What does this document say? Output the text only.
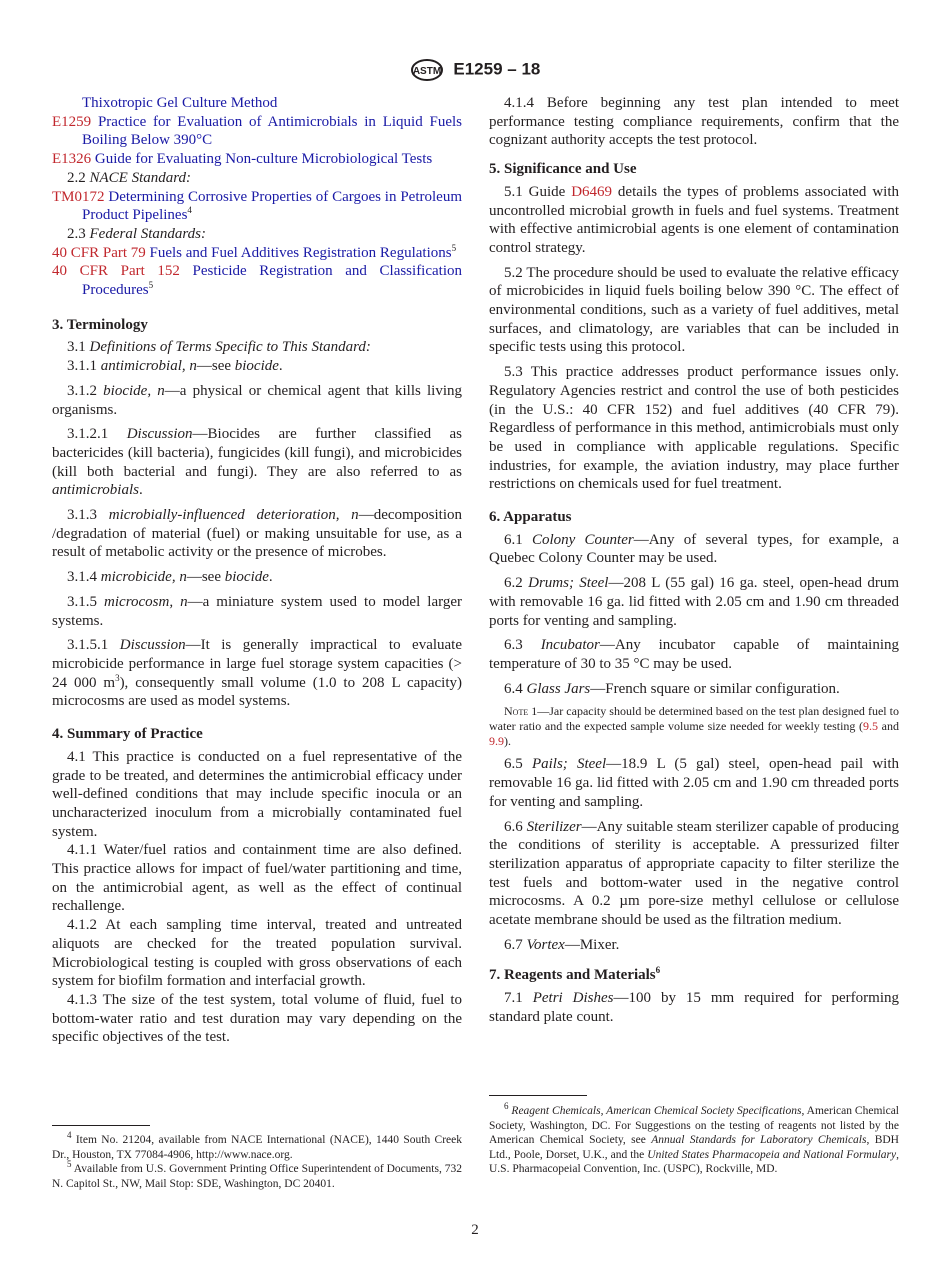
ASTM E1259 – 18

Thixotropic Gel Culture Method

E1259 Practice for Evaluation of Antimicrobials in Liquid Fuels Boiling Below 390°C

E1326 Guide for Evaluating Non-culture Microbiological Tests

2.2 NACE Standard:

TM0172 Determining Corrosive Properties of Cargoes in Petroleum Product Pipelines$^4$

2.3 Federal Standards:

40 CFR Part 79 Fuels and Fuel Additives Registration Regulations$^5$

40 CFR Part 152 Pesticide Registration and Classification Procedures$^5$

3. Terminology

3.1 Definitions of Terms Specific to This Standard:

3.1.1 antimicrobial, n—see biocide.

3.1.2 biocide, n—a physical or chemical agent that kills living organisms.

3.1.2.1 Discussion—Biocides are further classified as bactericides (kill bacteria), fungicides (kill fungi), and microbicides (kill both bacterial and fungi). They are also referred to as antimicrobials.

3.1.3 microbially-influenced deterioration, n—decomposition /degradation of material (fuel) or making unsuitable for use, as a result of metabolic activity or the presence of microbes.

3.1.4 microbicide, n—see biocide.

3.1.5 microcosm, n—a miniature system used to model larger systems.

3.1.5.1 Discussion—It is generally impractical to evaluate microbicide performance in large fuel storage system capacities (> 24 000 $m^3$), consequently small volume (1.0 to 208 L capacity) microcosms are used as model systems.

4. Summary of Practice

4.1 This practice is conducted on a fuel representative of the grade to be treated, and determines the antimicrobial efficacy under well-defined conditions that may include specific inocula or an uncharacterized inoculum from a microbially contaminated fuel system.

4.1.1 Water/fuel ratios and containment time are also defined. This practice allows for impact of fuel/water partitioning and time, on the antimicrobial agent, as well as the effect of continual rechallenge.

4.1.2 At each sampling time interval, treated and untreated aliquots are checked for the treated population survival. Microbiological testing is coupled with gross observations of each system for biofilm formation and interfacial growth.

4.1.3 The size of the test system, total volume of fluid, fuel to bottom-water ratio and test duration may vary depending on the specific objectives of the test.

4.1.4 Before beginning any test plan intended to meet performance testing compliance requirements, confirm that the cognizant authority accepts the test protocol.

5. Significance and Use

5.1 Guide D6469 details the types of problems associated with uncontrolled microbial growth in fuels and fuel systems. Treatment with effective antimicrobial agents is one element of contamination control strategy.

5.2 The procedure should be used to evaluate the relative efficacy of microbicides in liquid fuels boiling below 390 °C. The effect of environmental conditions, such as a variety of fuel additives, metal surfaces, and climatology, are variables that can be included in specific tests using this protocol.

5.3 This practice addresses product performance issues only. Regulatory Agencies restrict and control the use of both pesticides (in the U.S.: 40 CFR 152) and fuel additives (40 CFR 79). Regardless of performance in this method, antimicrobials must only be used in compliance with applicable regulations. Specific industries, for example, the aviation industry, may place further restrictions on chemicals used for fuel treatment.

6. Apparatus

6.1 Colony Counter—Any of several types, for example, a Quebec Colony Counter may be used.

6.2 Drums; Steel—208 L (55 gal) 16 ga. steel, open-head drum with removable 16 ga. lid fitted with 2.05 cm and 1.90 cm threaded ports for venting and sampling.

6.3 Incubator—Any incubator capable of maintaining temperature of 30 to 35 °C may be used.

6.4 Glass Jars—French square or similar configuration.

Note 1—Jar capacity should be determined based on the test plan designed fuel to water ratio and the expected sample volume size needed for weekly testing (9.5 and 9.9).

6.5 Pails; Steel—18.9 L (5 gal) steel, open-head pail with removable 16 ga. lid fitted with 2.05 cm and 1.90 cm threaded ports for venting and sampling.

6.6 Sterilizer—Any suitable steam sterilizer capable of producing the conditions of sterility is acceptable. A pressurized filter sterilization apparatus of appropriate capacity to filter sterilize the test fuels and bottom-water used in the negative control microcosms. A 0.2 µm pore-size methyl cellulose or cellulose acetate membrane should be used as the filtration medium.

6.7 Vortex—Mixer.

7. Reagents and Materials$^6$

7.1 Petri Dishes—100 by 15 mm required for performing standard plate count.

$^4$ Item No. 21204, available from NACE International (NACE), 1440 South Creek Dr., Houston, TX 77084-4906, http://www.nace.org.

$^5$ Available from U.S. Government Printing Office Superintendent of Documents, 732 N. Capitol St., NW, Mail Stop: SDE, Washington, DC 20401.

$^6$ Reagent Chemicals, American Chemical Society Specifications, American Chemical Society, Washington, DC. For Suggestions on the testing of reagents not listed by the American Chemical Society, see Annual Standards for Laboratory Chemicals, BDH Ltd., Poole, Dorset, U.K., and the United States Pharmacopeia and National Formulary, U.S. Pharmacopeial Convention, Inc. (USPC), Rockville, MD.

2
